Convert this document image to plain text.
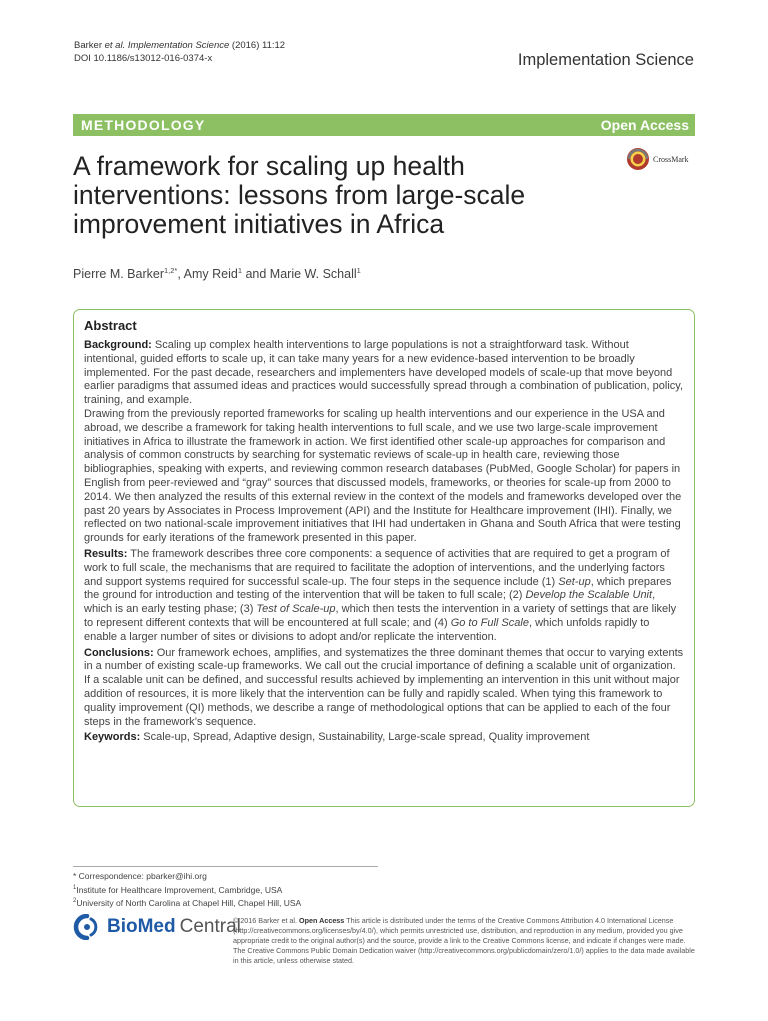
Barker et al. Implementation Science (2016) 11:12
DOI 10.1186/s13012-016-0374-x	Implementation Science
METHODOLOGY	Open Access
A framework for scaling up health interventions: lessons from large-scale improvement initiatives in Africa
CrossMark
Pierre M. Barker$^{1,2*}$, Amy Reid$^1$ and Marie W. Schall$^1$
Abstract

Background: Scaling up complex health interventions to large populations is not a straightforward task. Without intentional, guided efforts to scale up, it can take many years for a new evidence-based intervention to be broadly implemented. For the past decade, researchers and implementers have developed models of scale-up that move beyond earlier paradigms that assumed ideas and practices would successfully spread through a combination of publication, policy, training, and example.

Drawing from the previously reported frameworks for scaling up health interventions and our experience in the USA and abroad, we describe a framework for taking health interventions to full scale, and we use two large-scale improvement initiatives in Africa to illustrate the framework in action. We first identified other scale-up approaches for comparison and analysis of common constructs by searching for systematic reviews of scale-up in health care, reviewing those bibliographies, speaking with experts, and reviewing common research databases (PubMed, Google Scholar) for papers in English from peer-reviewed and “gray” sources that discussed models, frameworks, or theories for scale-up from 2000 to 2014. We then analyzed the results of this external review in the context of the models and frameworks developed over the past 20 years by Associates in Process Improvement (API) and the Institute for Healthcare improvement (IHI). Finally, we reflected on two national-scale improvement initiatives that IHI had undertaken in Ghana and South Africa that were testing grounds for early iterations of the framework presented in this paper.

Results: The framework describes three core components: a sequence of activities that are required to get a program of work to full scale, the mechanisms that are required to facilitate the adoption of interventions, and the underlying factors and support systems required for successful scale-up. The four steps in the sequence include (1) Set-up, which prepares the ground for introduction and testing of the intervention that will be taken to full scale; (2) Develop the Scalable Unit, which is an early testing phase; (3) Test of Scale-up, which then tests the intervention in a variety of settings that are likely to represent different contexts that will be encountered at full scale; and (4) Go to Full Scale, which unfolds rapidly to enable a larger number of sites or divisions to adopt and/or replicate the intervention.

Conclusions: Our framework echoes, amplifies, and systematizes the three dominant themes that occur to varying extents in a number of existing scale-up frameworks. We call out the crucial importance of defining a scalable unit of organization. If a scalable unit can be defined, and successful results achieved by implementing an intervention in this unit without major addition of resources, it is more likely that the intervention can be fully and rapidly scaled. When tying this framework to quality improvement (QI) methods, we describe a range of methodological options that can be applied to each of the four steps in the framework’s sequence.

Keywords: Scale-up, Spread, Adaptive design, Sustainability, Large-scale spread, Quality improvement

* Correspondence: pbarker@ihi.org
$^1$Institute for Healthcare Improvement, Cambridge, USA
$^2$University of North Carolina at Chapel Hill, Chapel Hill, USA
BioMed Central
© 2016 Barker et al. Open Access This article is distributed under the terms of the Creative Commons Attribution 4.0 International License (http://creativecommons.org/licenses/by/4.0/), which permits unrestricted use, distribution, and reproduction in any medium, provided you give appropriate credit to the original author(s) and the source, provide a link to the Creative Commons license, and indicate if changes were made. The Creative Commons Public Domain Dedication waiver (http://creativecommons.org/publicdomain/zero/1.0/) applies to the data made available in this article, unless otherwise stated.
